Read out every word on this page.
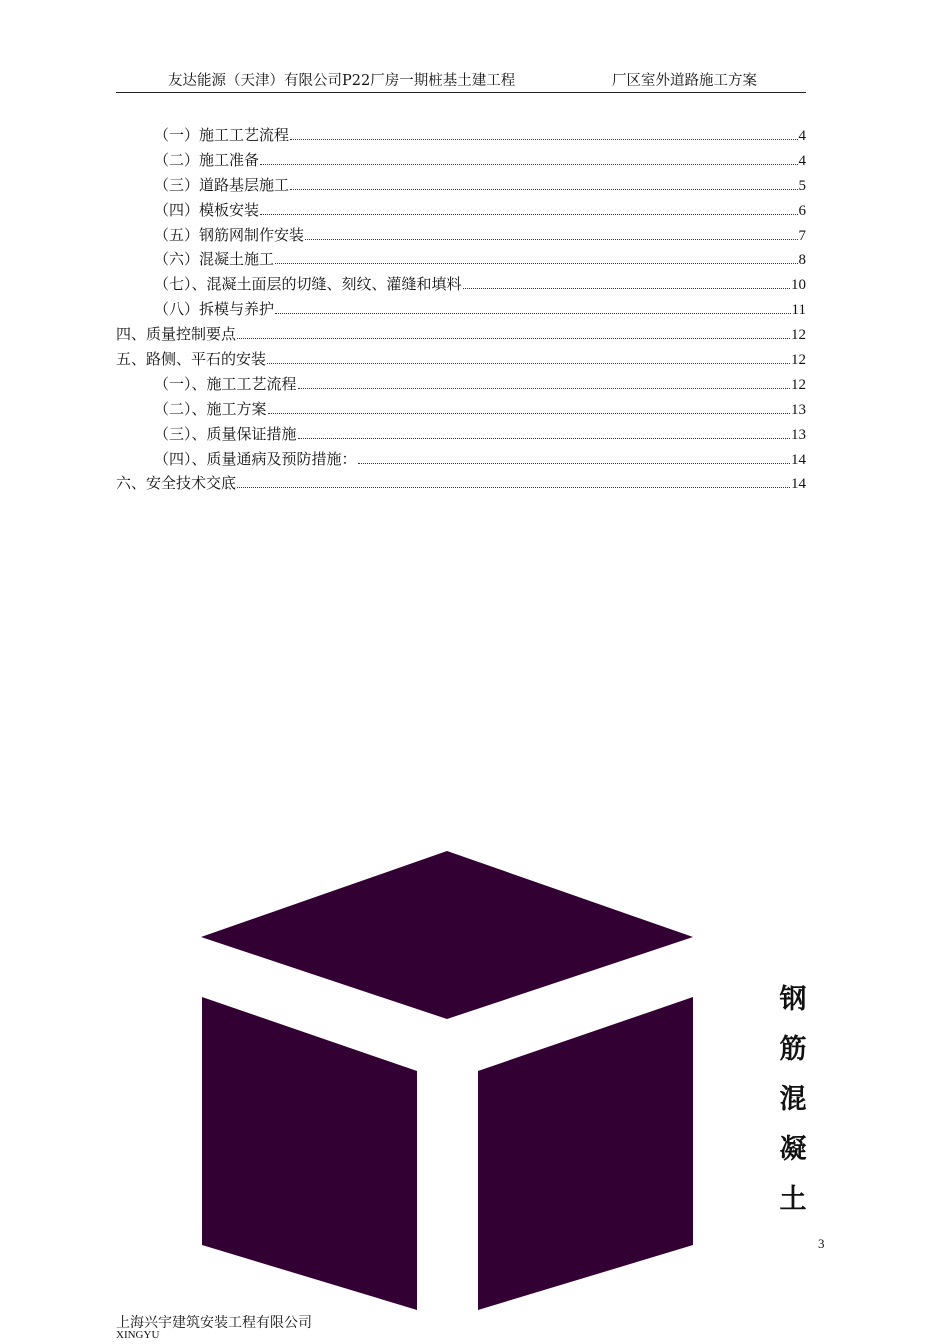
友达能源（天津）有限公司P22厂房一期桩基土建工程	厂区室外道路施工方案
（一）施工工艺流程	4
（二）施工准备	4
（三）道路基层施工	5
（四）模板安装	6
（五）钢筋网制作安装	7
（六）混凝土施工	8
（七）、混凝土面层的切缝、刻纹、灌缝和填料	10
（八）拆模与养护	11
四、质量控制要点	12
五、路侧、平石的安装	12
（一）、施工工艺流程	12
（二）、施工方案	13
（三）、质量保证措施	13
（四）、质量通病及预防措施：	14
六、安全技术交底	14
钢
筋
混
凝
土
3
上海兴宇建筑安装工程有限公司
XINGYU
